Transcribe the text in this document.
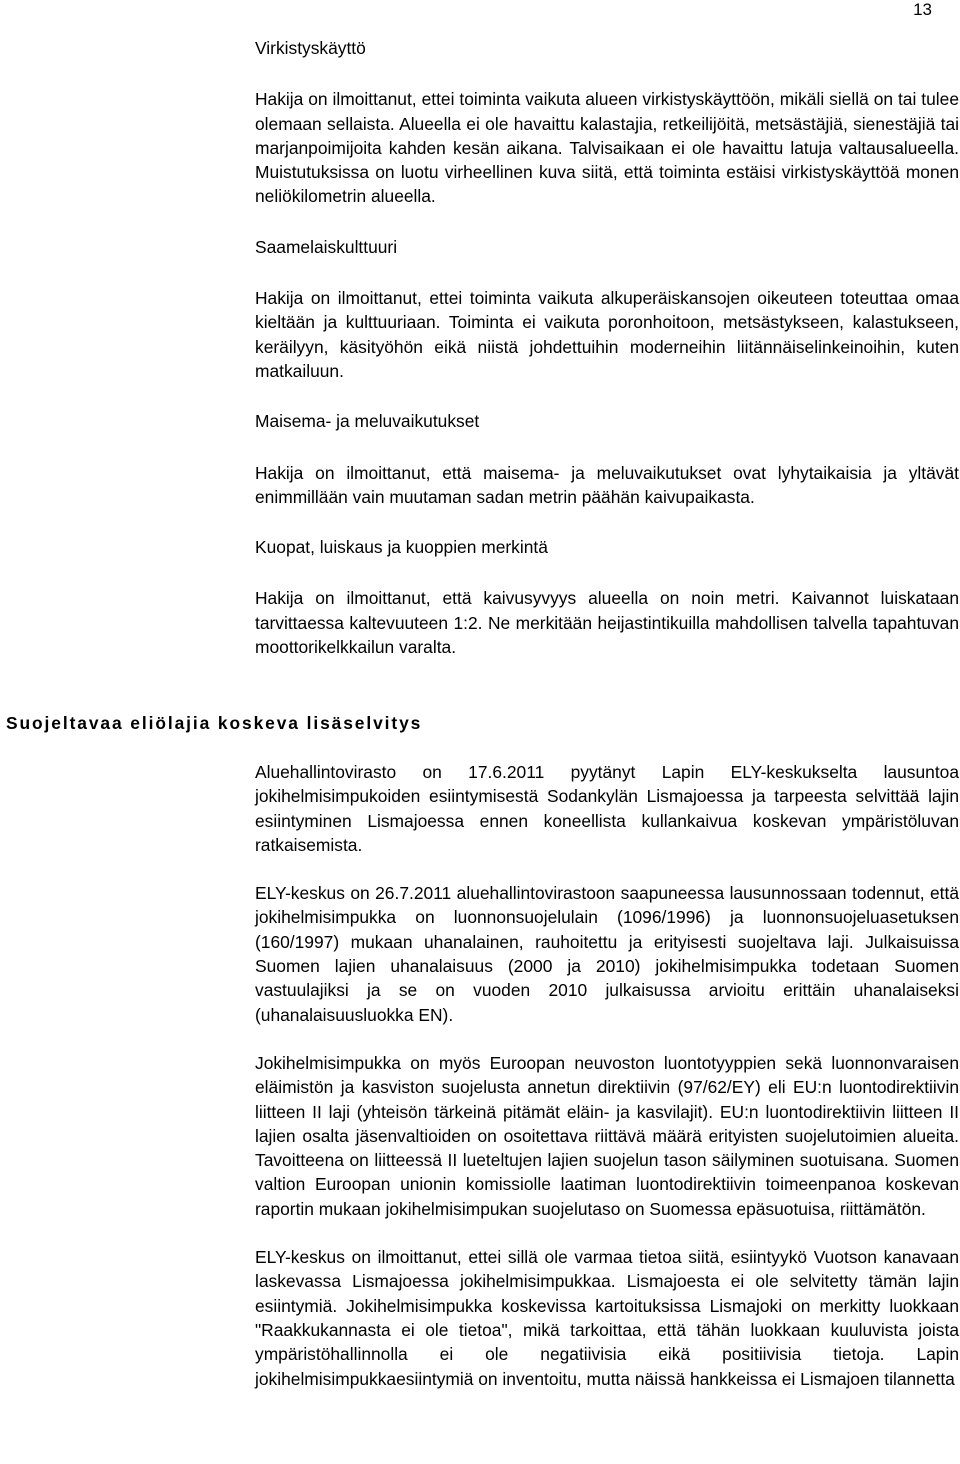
13
Virkistyskäyttö

Hakija on ilmoittanut, ettei toiminta vaikuta alueen virkistyskäyttöön, mikäli siellä on tai tulee olemaan sellaista. Alueella ei ole havaittu kalastajia, retkeilijöitä, metsästäjiä, sienestäjiä tai marjanpoimijoita kahden kesän aikana. Talvisaikaan ei ole havaittu latuja valtausalueella. Muistutuksissa on luotu virheellinen kuva siitä, että toiminta estäisi virkistyskäyttöä monen neliökilometrin alueella.

Saamelaiskulttuuri

Hakija on ilmoittanut, ettei toiminta vaikuta alkuperäiskansojen oikeuteen toteuttaa omaa kieltään ja kulttuuriaan. Toiminta ei vaikuta poronhoitoon, metsästykseen, kalastukseen, keräilyyn, käsityöhön eikä niistä johdettuihin moderneihin liitännäiselinkeinoihin, kuten matkailuun.

Maisema- ja meluvaikutukset

Hakija on ilmoittanut, että maisema- ja meluvaikutukset ovat lyhytaikaisia ja yltävät enimmillään vain muutaman sadan metrin päähän kaivupaikasta.

Kuopat, luiskaus ja kuoppien merkintä

Hakija on ilmoittanut, että kaivusyvyys alueella on noin metri. Kaivannot luiskataan tarvittaessa kaltevuuteen 1:2. Ne merkitään heijastintikuilla mahdollisen talvella tapahtuvan moottorikelkkailun varalta.

Suojeltavaa eliölajia koskeva lisäselvitys

Aluehallintovirasto on 17.6.2011 pyytänyt Lapin ELY-keskukselta lausuntoa jokihelmisimpukoiden esiintymisestä Sodankylän Lismajoessa ja tarpeesta selvittää lajin esiintyminen Lismajoessa ennen koneellista kullankaivua koskevan ympäristöluvan ratkaisemista.

ELY-keskus on 26.7.2011 aluehallintovirastoon saapuneessa lausunnossaan todennut, että jokihelmisimpukka on luonnonsuojelulain (1096/1996) ja luonnonsuojeluasetuksen (160/1997) mukaan uhanalainen, rauhoitettu ja erityisesti suojeltava laji. Julkaisuissa Suomen lajien uhanalaisuus (2000 ja 2010) jokihelmisimpukka todetaan Suomen vastuulajiksi ja se on vuoden 2010 julkaisussa arvioitu erittäin uhanalaiseksi (uhanalaisuusluokka EN).

Jokihelmisimpukka on myös Euroopan neuvoston luontotyyppien sekä luonnonvaraisen eläimistön ja kasviston suojelusta annetun direktiivin (97/62/EY) eli EU:n luontodirektiivin liitteen II laji (yhteisön tärkeinä pitämät eläin- ja kasvilajit). EU:n luontodirektiivin liitteen II lajien osalta jäsenvaltioiden on osoitettava riittävä määrä erityisten suojelutoimien alueita. Tavoitteena on liitteessä II lueteltujen lajien suojelun tason säilyminen suotuisana. Suomen valtion Euroopan unionin komissiolle laatiman luontodirektiivin toimeenpanoa koskevan raportin mukaan jokihelmisimpukan suojelutaso on Suomessa epäsuotuisa, riittämätön.

ELY-keskus on ilmoittanut, ettei sillä ole varmaa tietoa siitä, esiintyykö Vuotson kanavaan laskevassa Lismajoessa jokihelmisimpukkaa. Lismajoesta ei ole selvitetty tämän lajin esiintymiä. Jokihelmisimpukka koskevissa kartoituksissa Lismajoki on merkitty luokkaan "Raakkukannasta ei ole tietoa", mikä tarkoittaa, että tähän luokkaan kuuluvista joista ympäristöhallinnolla ei ole negatiivisia eikä positiivisia tietoja. Lapin jokihelmisimpukkaesiintymiä on inventoitu, mutta näissä hankkeissa ei Lismajoen tilannetta
